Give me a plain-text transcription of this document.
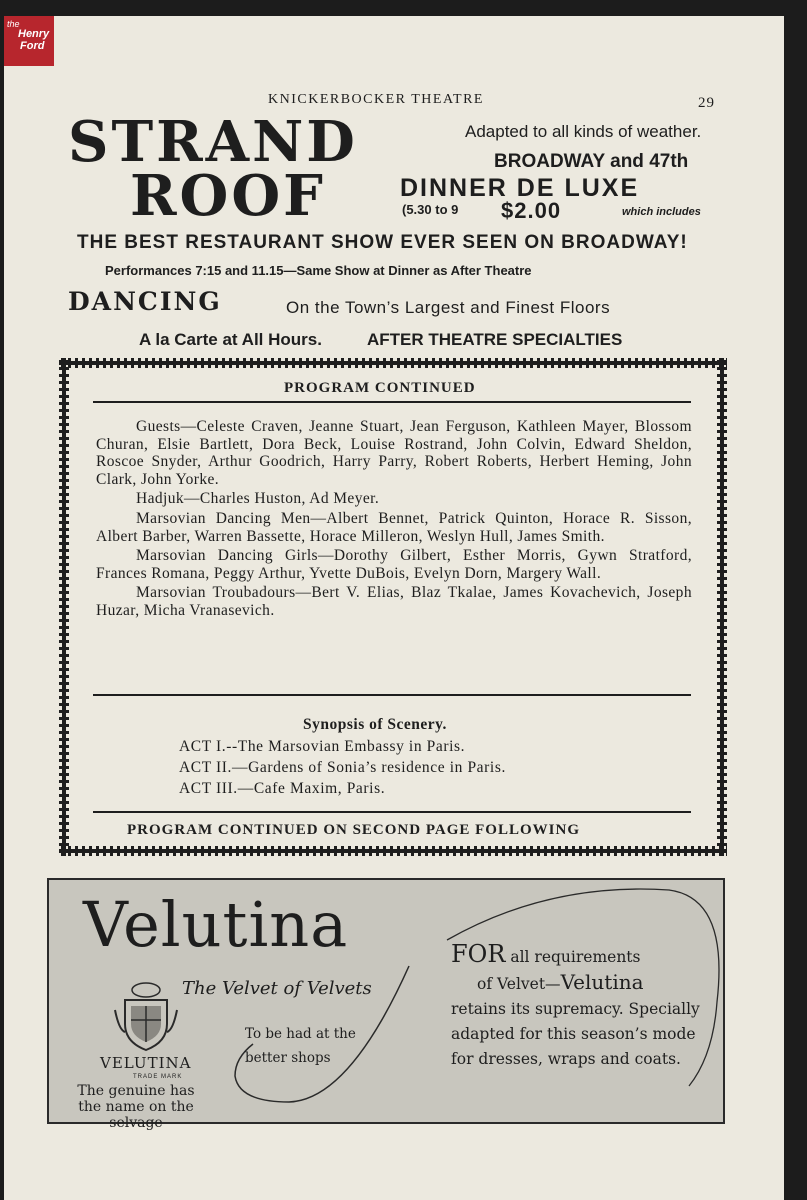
the
Henry
Ford
KNICKERBOCKER THEATRE	29
STRAND
ROOF
Adapted to all kinds of weather.
BROADWAY and 47th
DINNER DE LUXE
(5.30 to 9 $2.00	which includes
THE BEST RESTAURANT SHOW EVER SEEN ON BROADWAY!
Performances 7:15 and 11.15—Same Show at Dinner as After Theatre
DANCING	On the Town’s Largest and Finest Floors
A la Carte at All Hours.	AFTER THEATRE SPECIALTIES
PROGRAM CONTINUED

Guests—Celeste Craven, Jeanne Stuart, Jean Ferguson, Kathleen Mayer, Blossom Churan, Elsie Bartlett, Dora Beck, Louise Rostrand, John Colvin, Edward Sheldon, Roscoe Snyder, Arthur Goodrich, Harry Parry, Robert Roberts, Herbert Heming, John Clark, John Yorke.

Hadjuk—Charles Huston, Ad Meyer.

Marsovian Dancing Men—Albert Bennet, Patrick Quinton, Horace R. Sisson, Albert Barber, Warren Bassette, Horace Milleron, Weslyn Hull, James Smith.

Marsovian Dancing Girls—Dorothy Gilbert, Esther Morris, Gywn Stratford, Frances Romana, Peggy Arthur, Yvette DuBois, Evelyn Dorn, Margery Wall.

Marsovian Troubadours—Bert V. Elias, Blaz Tkalae, James Kovachevich, Joseph Huzar, Micha Vranasevich.

Synopsis of Scenery.
ACT I.--The Marsovian Embassy in Paris.
ACT II.—Gardens of Sonia’s residence in Paris.
ACT III.—Cafe Maxim, Paris.
PROGRAM CONTINUED ON SECOND PAGE FOLLOWING
Velutina
The Velvet of Velvets
VELUTINA
TRADE MARK
The genuine has the name on the selvage
To be had at the better shops
FOR all requirements
of Velvet—Velutina
retains its supremacy. Specially adapted for this season’s mode for dresses, wraps and coats.
